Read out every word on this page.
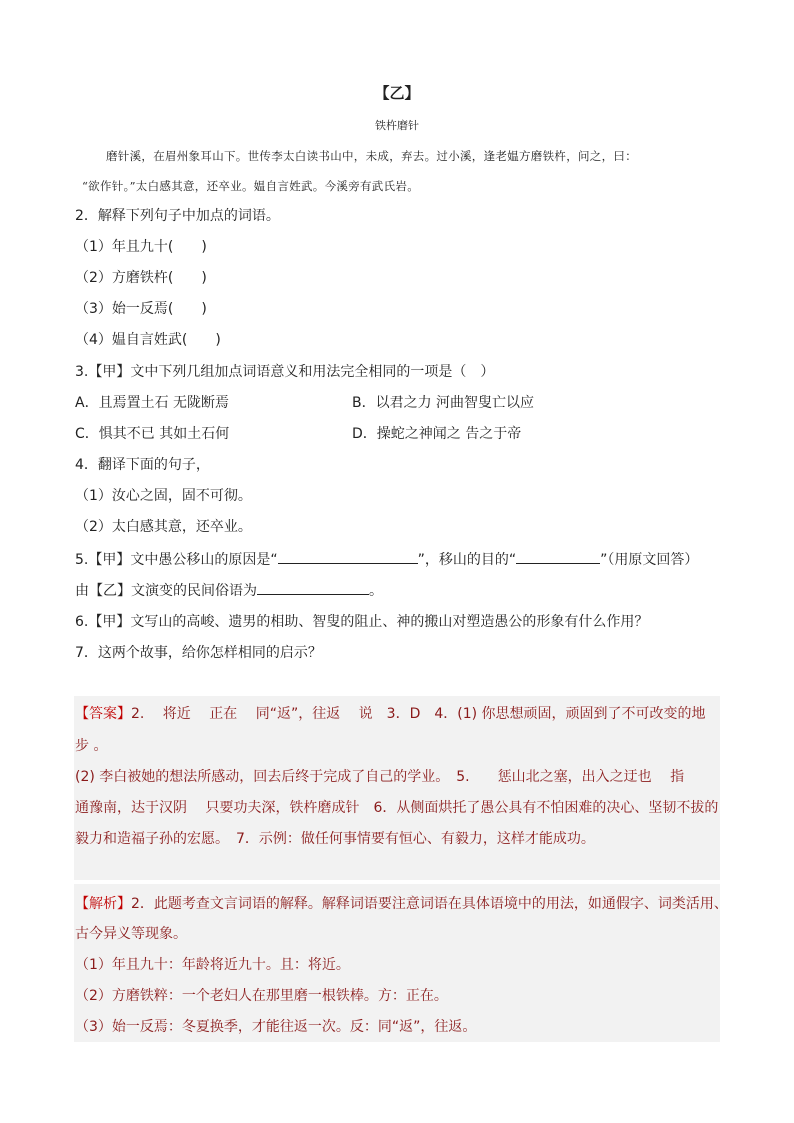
【乙】
铁杵磨针
磨针溪，在眉州象耳山下。世传李太白读书山中，未成，弃去。过小溪，逢老媪方磨铁杵，问之，曰：
“欲作针。”太白感其意，还卒业。媪自言姓武。今溪旁有武氏岩。
2．解释下列句子中加点的词语。
（1）年且九十(　　)
（2）方磨铁杵(　　)
（3）始一反焉(　　)
（4）媪自言姓武(　　)
3.【甲】文中下列几组加点词语意义和用法完全相同的一项是（　）
A．且焉置土石 无陇断焉	B．以君之力 河曲智叟亡以应
C．惧其不已 其如土石何	D．操蛇之神闻之 告之于帝
4．翻译下面的句子，
（1）汝心之固，固不可彻。
（2）太白感其意，还卒业。
5.【甲】文中愚公移山的原因是“	”，移山的目的“	”（用原文回答）
由【乙】文演变的民间俗语为	。
6.【甲】文写山的高峻、遗男的相助、智叟的阻止、神的搬山对塑造愚公的形象有什么作用？
7．这两个故事，给你怎样相同的启示？
【答案】2.　 将近　 正在　 同“返”，往返　 说　3．D　4．(1) 你思想顽固，顽固到了不可改变的地
步 。
(2) 李白被她的想法所感动，回去后终于完成了自己的学业。　5.　　惩山北之塞，出入之迂也　 指
通豫南，达于汉阴　 只要功夫深，铁杵磨成针　6．从侧面烘托了愚公具有不怕困难的决心、坚韧不拔的
毅力和造福子孙的宏愿。　7．示例：做任何事情要有恒心、有毅力，这样才能成功。
【解析】2．此题考查文言词语的解释。解释词语要注意词语在具体语境中的用法，如通假字、词类活用、
古今异义等现象。
（1）年且九十：年龄将近九十。且：将近。
（2）方磨铁粹：一个老妇人在那里磨一根铁棒。方：正在。
（3）始一反焉：冬夏换季，才能往返一次。反：同“返”，往返。
